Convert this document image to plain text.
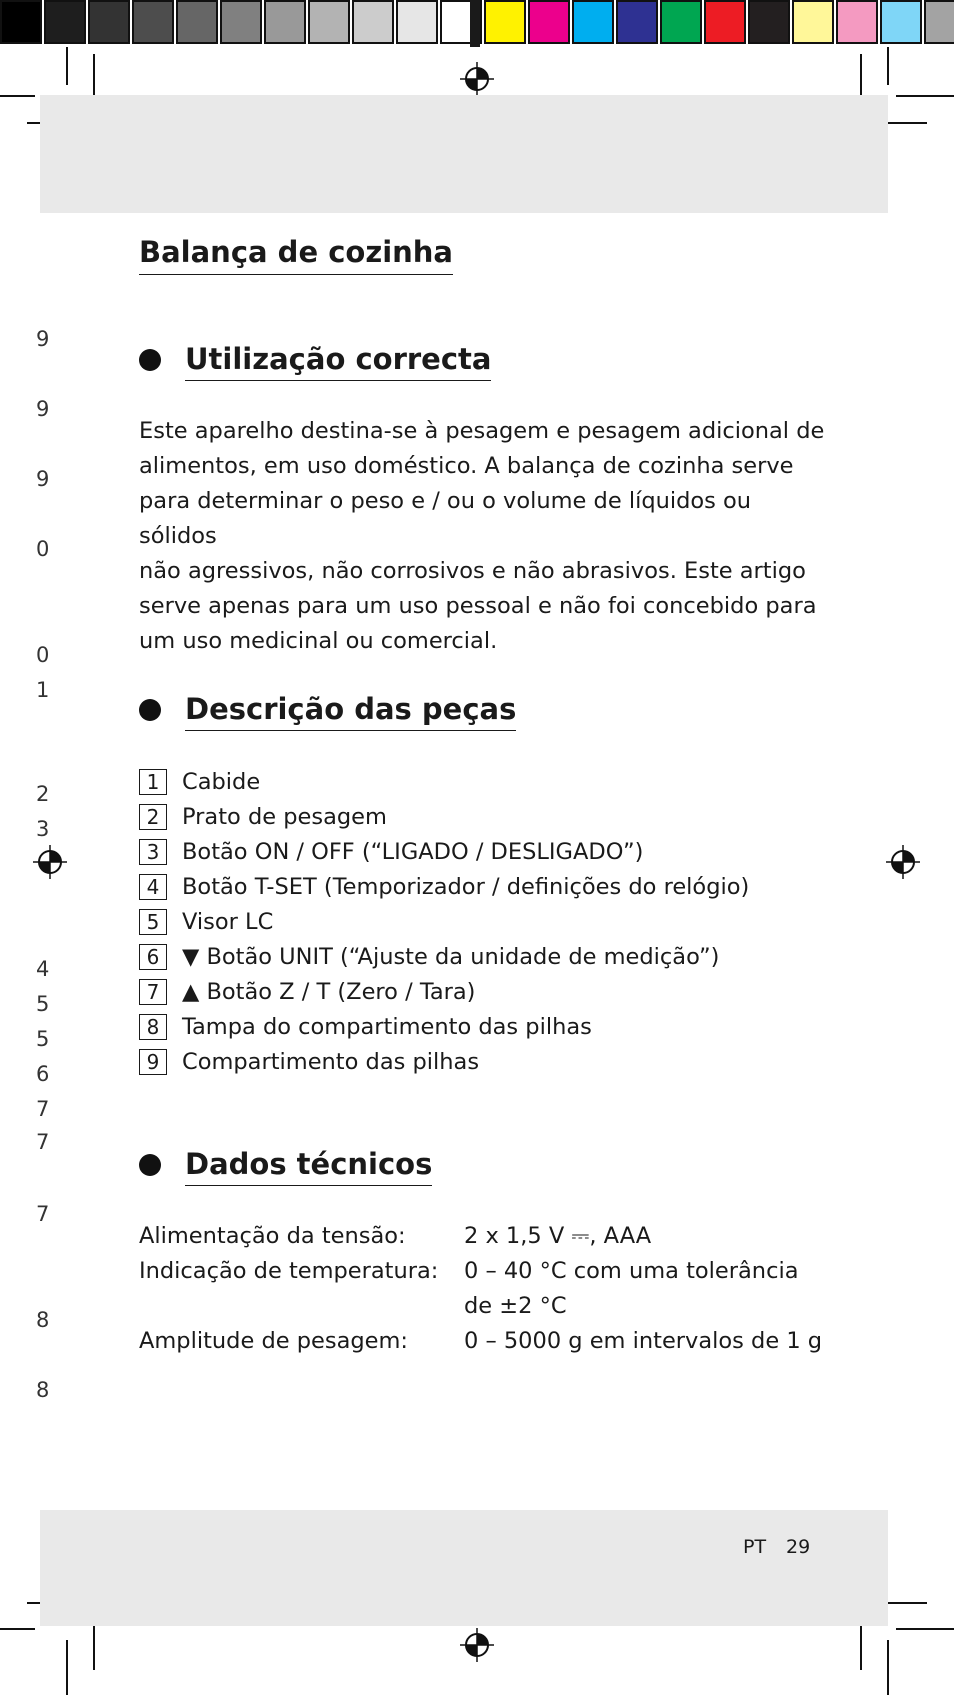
9
9
9
0
0
1
2
3
4
5
5
6
7
7
7
8
8
Balança de cozinha
Utilização correcta
Este aparelho destina-se à pesagem e pesagem adicional de
alimentos, em uso doméstico. A balança de cozinha serve
para determinar o peso e / ou o volume de líquidos ou sólidos
não agressivos, não corrosivos e não abrasivos. Este artigo
serve apenas para um uso pessoal e não foi concebido para
um uso medicinal ou comercial.
Descrição das peças
1	Cabide
2	Prato de pesagem
3	Botão ON / OFF (“LIGADO / DESLIGADO”)
4	Botão T-SET (Temporizador / definições do relógio)
5	Visor LC
6	▼ Botão UNIT (“Ajuste da unidade de medição”)
7	▲ Botão Z / T (Zero / Tara)
8	Tampa do compartimento das pilhas
9	Compartimento das pilhas
Dados técnicos
Alimentação da tensão:	2 x 1,5 V ⎓, AAA
Indicação de temperatura:	0 – 40 °C com uma tolerância
de ±2 °C
Amplitude de pesagem:	0 – 5000 g em intervalos de 1 g
PT 29
